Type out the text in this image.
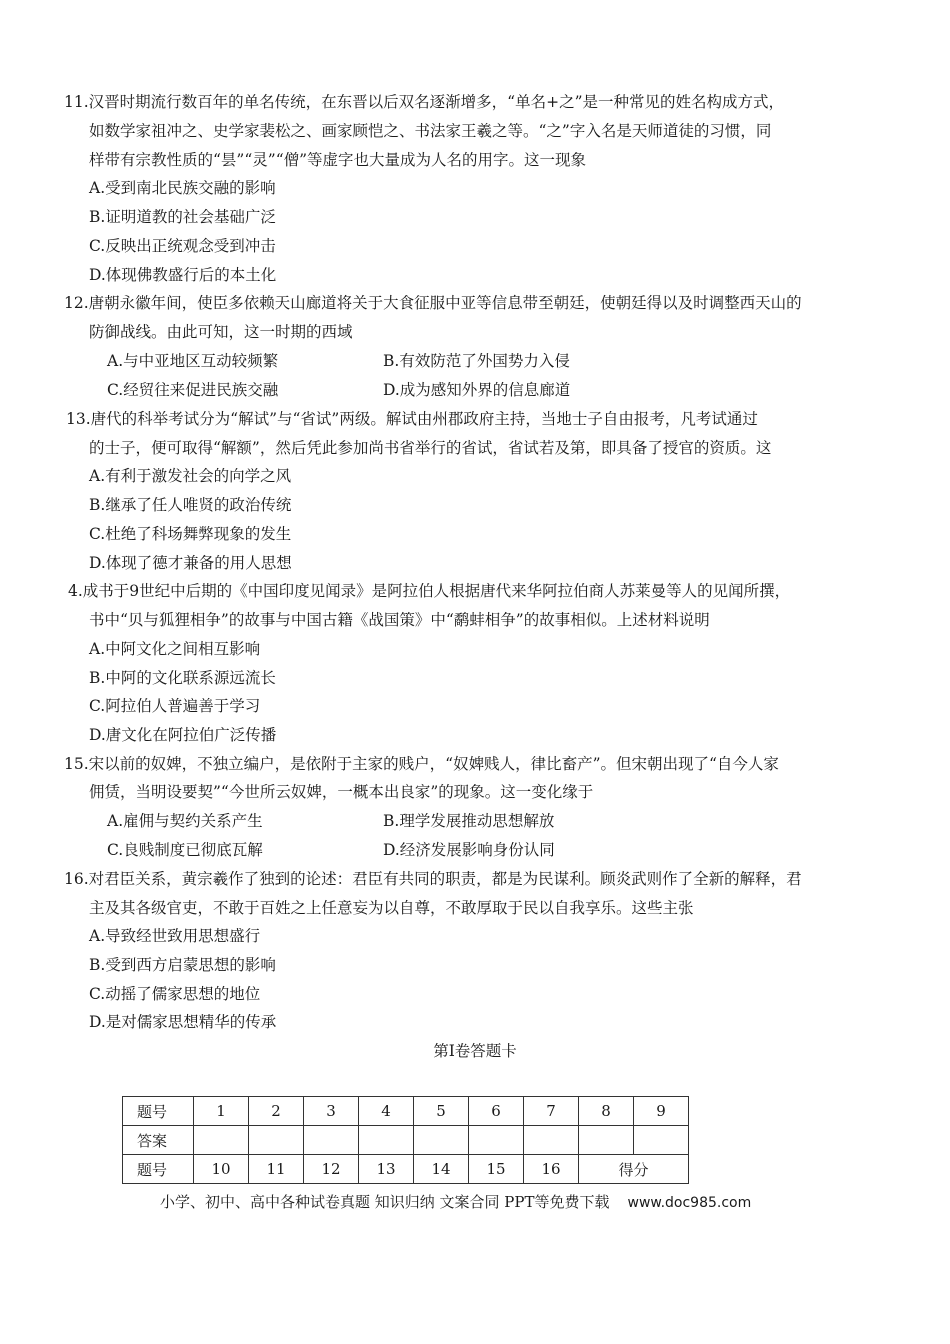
11.汉晋时期流行数百年的单名传统，在东晋以后双名逐渐增多，“单名+之”是一种常见的姓名构成方式，
如数学家祖冲之、史学家裴松之、画家顾恺之、书法家王羲之等。“之”字入名是天师道徒的习惯，同
样带有宗教性质的“昙”“灵”“僧”等虚字也大量成为人名的用字。这一现象
A.受到南北民族交融的影响
B.证明道教的社会基础广泛
C.反映出正统观念受到冲击
D.体现佛教盛行后的本土化
12.唐朝永徽年间，使臣多依赖天山廊道将关于大食征服中亚等信息带至朝廷，使朝廷得以及时调整西天山的
防御战线。由此可知，这一时期的西域
A.与中亚地区互动较频繁	B.有效防范了外国势力入侵
C.经贸往来促进民族交融	D.成为感知外界的信息廊道
13.唐代的科举考试分为“解试”与“省试”两级。解试由州郡政府主持，当地士子自由报考，凡考试通过
的士子，便可取得“解额”，然后凭此参加尚书省举行的省试，省试若及第，即具备了授官的资质。这
A.有利于激发社会的向学之风
B.继承了任人唯贤的政治传统
C.杜绝了科场舞弊现象的发生
D.体现了德才兼备的用人思想
4.成书于9世纪中后期的《中国印度见闻录》是阿拉伯人根据唐代来华阿拉伯商人苏莱曼等人的见闻所撰，
书中“贝与狐狸相争”的故事与中国古籍《战国策》中“鹬蚌相争”的故事相似。上述材料说明
A.中阿文化之间相互影响
B.中阿的文化联系源远流长
C.阿拉伯人普遍善于学习
D.唐文化在阿拉伯广泛传播
15.宋以前的奴婢，不独立编户，是依附于主家的贱户，“奴婢贱人，律比畜产”。但宋朝出现了“自今人家
佣赁，当明设要契”“今世所云奴婢，一概本出良家”的现象。这一变化缘于
A.雇佣与契约关系产生	B.理学发展推动思想解放
C.良贱制度已彻底瓦解	D.经济发展影响身份认同
16.对君臣关系，黄宗羲作了独到的论述：君臣有共同的职责，都是为民谋利。顾炎武则作了全新的解释，君
主及其各级官吏，不敢于百姓之上任意妄为以自尊，不敢厚取于民以自我享乐。这些主张
A.导致经世致用思想盛行
B.受到西方启蒙思想的影响
C.动摇了儒家思想的地位
D.是对儒家思想精华的传承
第Ⅰ卷答题卡
题号	1	2	3	4	5	6	7	8	9
答案									
题号	10	11	12	13	14	15	16	得分	
小学、初中、高中各种试卷真题 知识归纳 文案合同 PPT等免费下载 www.doc985.com
